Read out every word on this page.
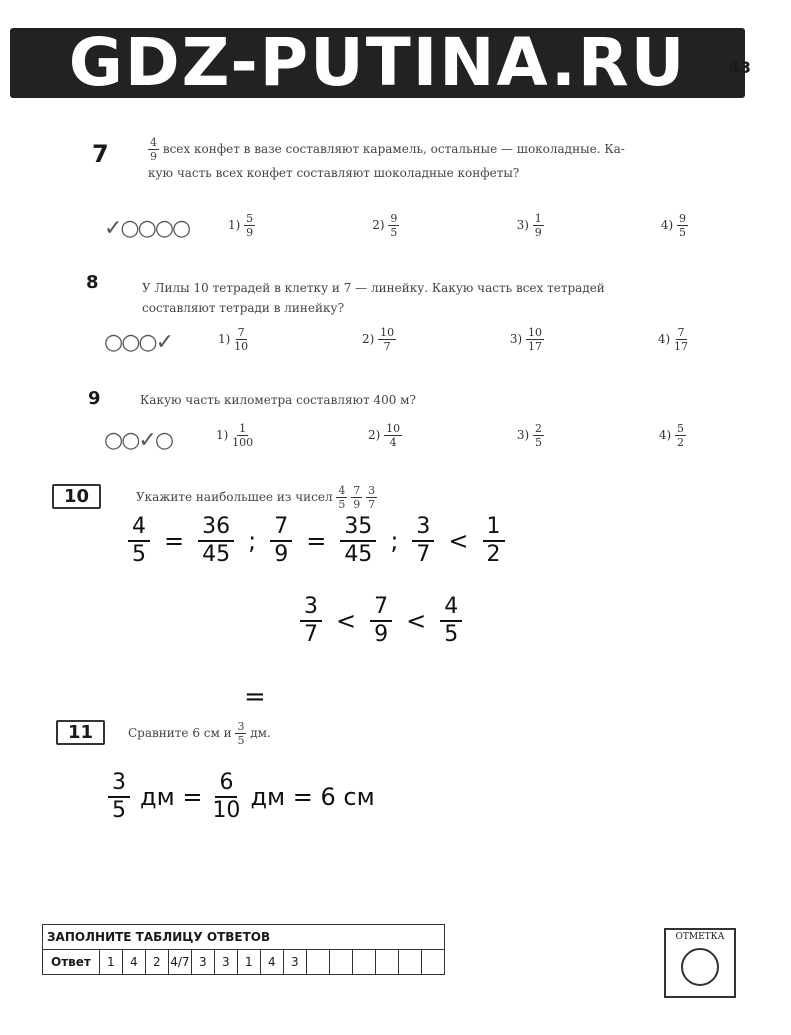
GDZ-PUTINA.RU	43
7	$\frac{4}{9}$ всех конфет в вазе составляют карамель, остальные — шоколадные. Ка-
кую часть всех конфет составляют шоколадные конфеты?
✓○○○○	$1) \frac{5}{9}$	$2) \frac{9}{5}$	$3) \frac{1}{9}$	$4) \frac{9}{5}$
8	У Лилы 10 тетрадей в клетку и 7 — линейку. Какую часть всех тетрадей
составляют тетради в линейку?
○○○✓	$1) \frac{7}{10}$	$2) \frac{10}{7}$	$3) \frac{10}{17}$	$4) \frac{7}{17}$
9	Какую часть километра составляют 400 м?
○○✓○	$1) \frac{1}{100}$	$2) \frac{10}{4}$	$3) \frac{2}{5}$	$4) \frac{5}{2}$
10	Укажите наибольшее из чисел $\frac{4}{5}$
$\frac{7}{9}$
$\frac{3}{7}$
$\frac{4}{5} = \frac{36}{45}$ ; $\frac{7}{9} = \frac{35}{45}$ ;
3
7 <
1
2
3
7 <
7
9 <
4
5
=
11	Сравните 6 см и $\frac{3}{5}$ дм.
3
5 дм = $\frac{6}{10}$ дм = 6 см
ЗАПОЛНИТЕ ТАБЛИЦУ ОТВЕТОВ
Ответ	1	4	2	4/7	3	3	1	4	3						
ОТМЕТКА
